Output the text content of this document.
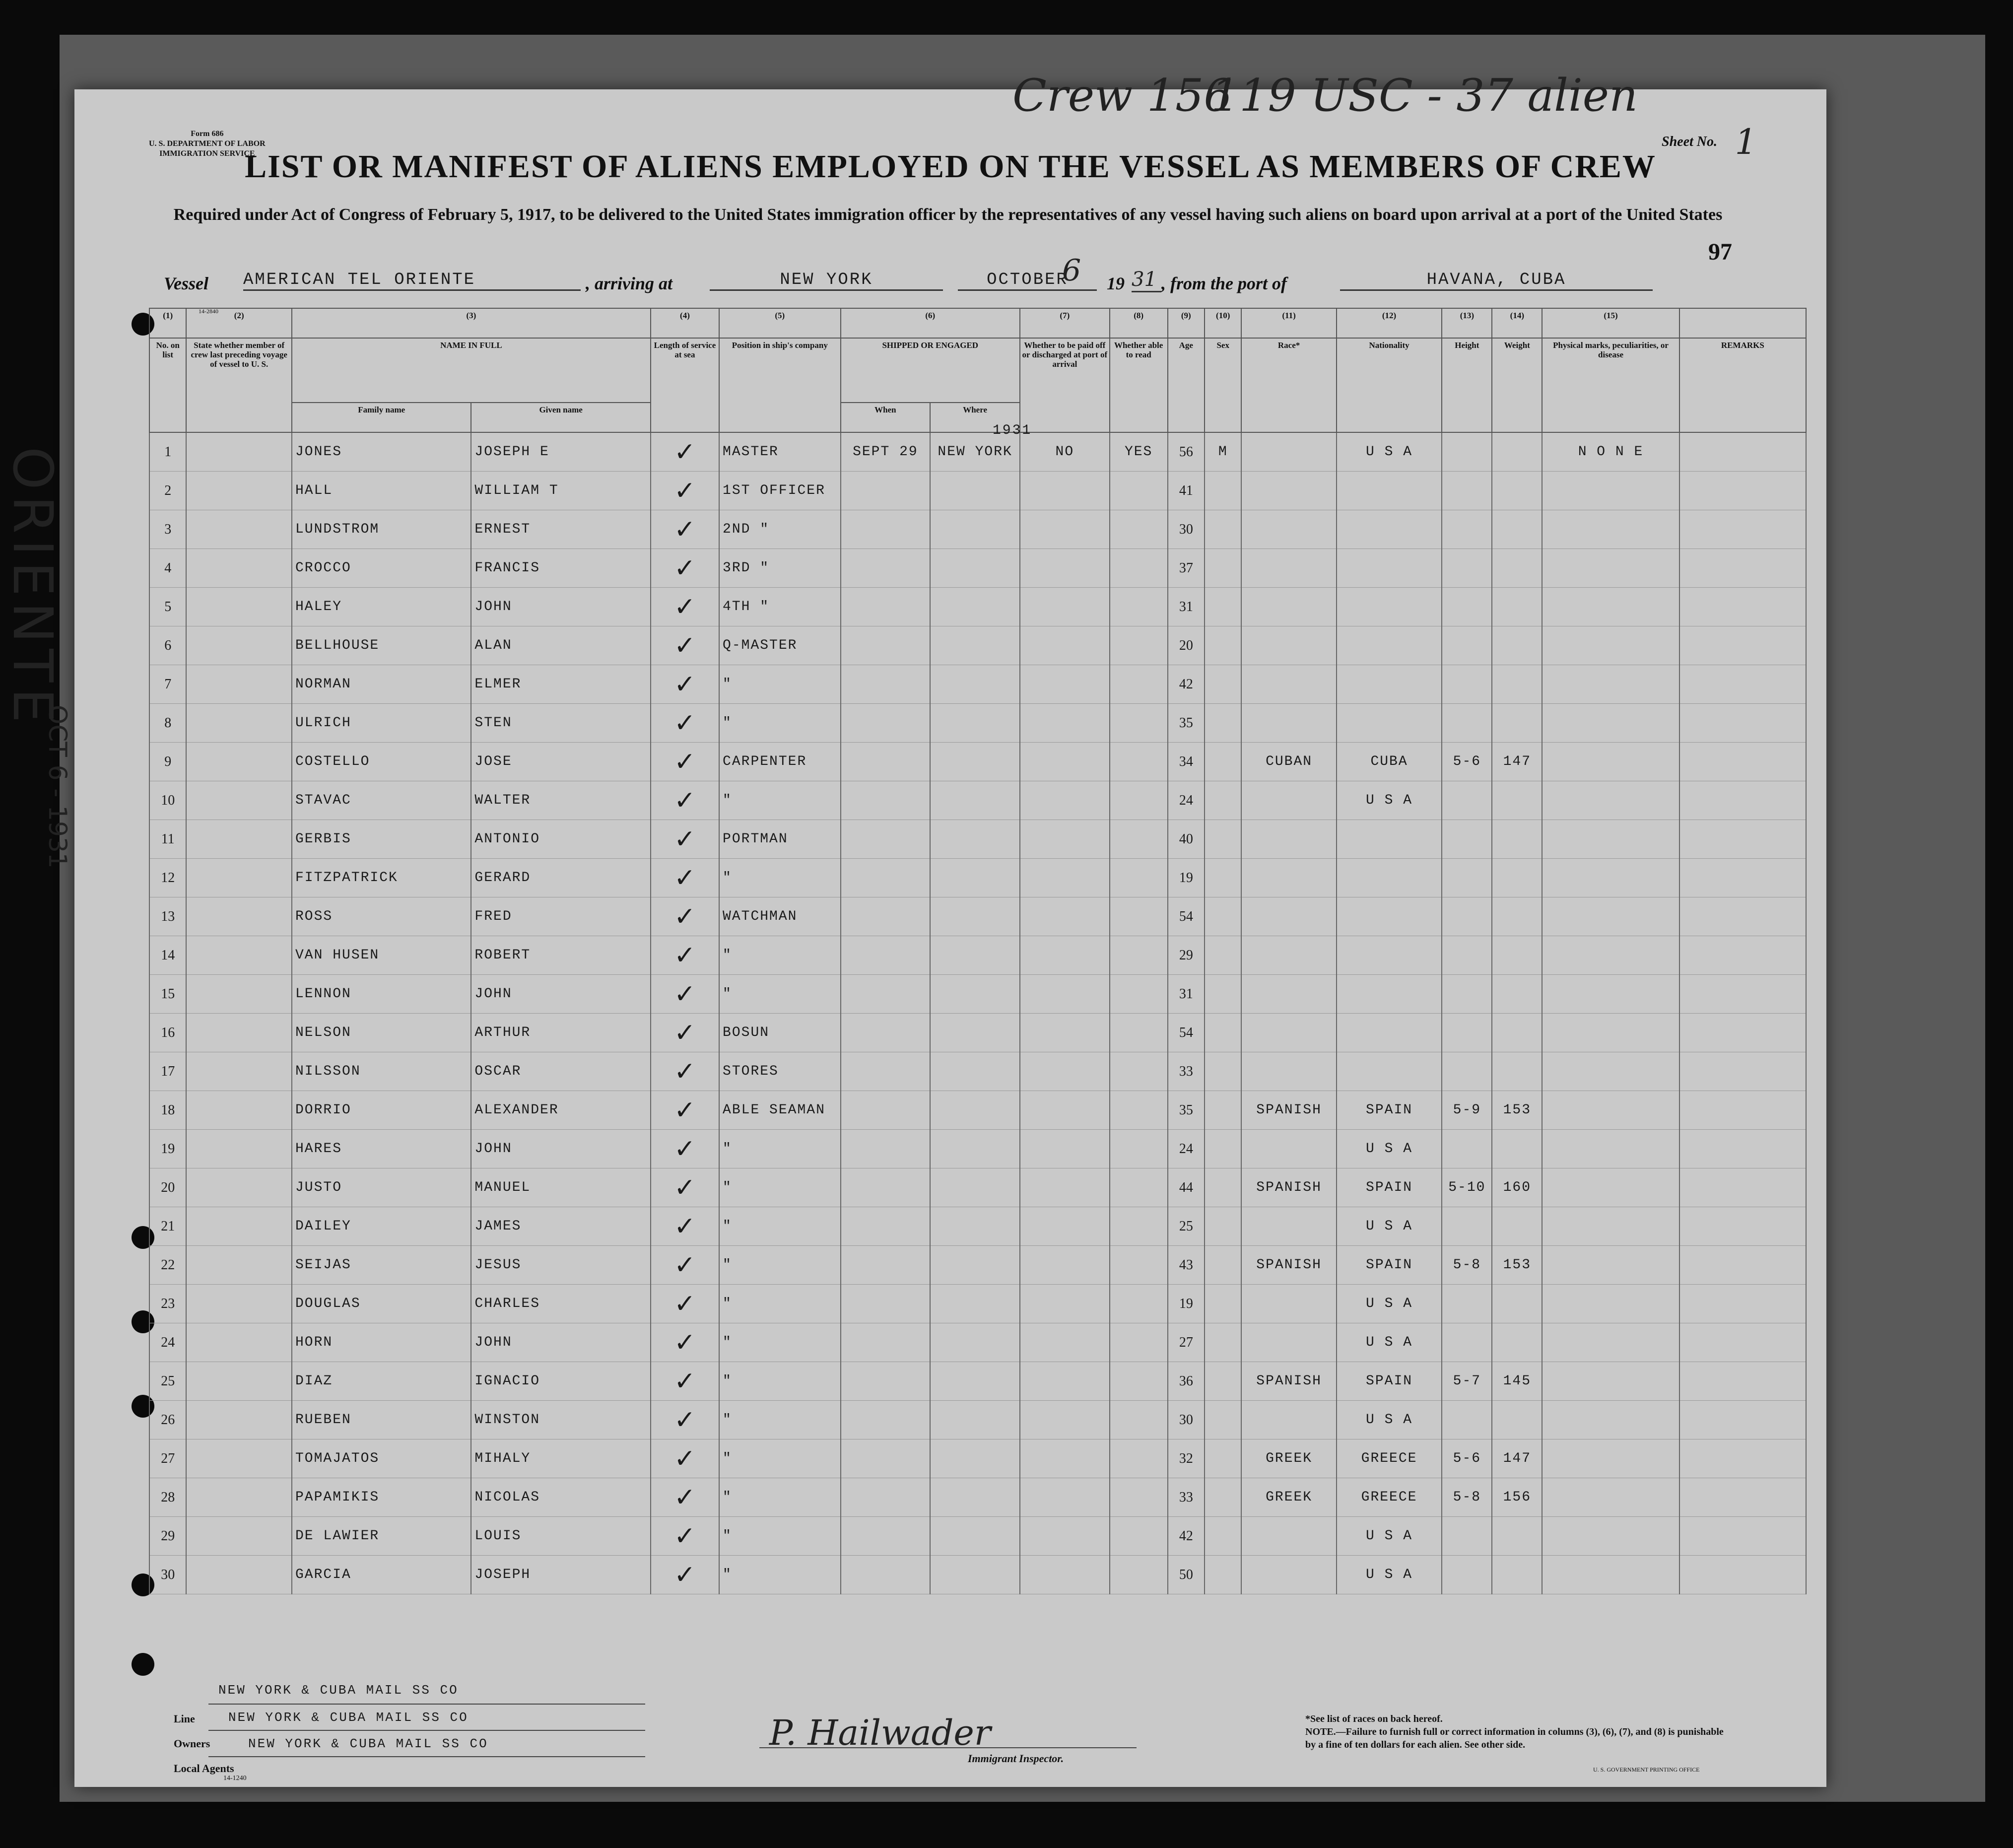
Form 686
U. S. DEPARTMENT OF LABOR
IMMIGRATION SERVICE
Crew 156
119 USC - 37 alien
Sheet No. 1
LIST OR MANIFEST OF ALIENS EMPLOYED ON THE VESSEL AS MEMBERS OF CREW
Required under Act of Congress of February 5, 1917, to be delivered to the United States immigration officer by the representatives of any vessel having such aliens on board upon arrival at a port of the United States
97
Vessel AMERICAN TEL ORIENTE	, arriving at	NEW YORK	OCTOBER
6 19 31 , from the port of	HAVANA, CUBA
14-2840
ORIENTE
OCT 6 - 1931
(1)	(2)	(3)		(4)	(5)	(6)		(7)	(8)	(9)	(10)	(11)	(12)	(13)	(14)	(15)	
No. on list	State whether member of crew last preceding voyage of vessel to U. S.	NAME IN FULL		Length of service at sea	Position in ship's company	SHIPPED OR ENGAGED		Whether to be paid off or discharged at port of arrival	Whether able to read	Age	Sex	Race*	Nationality	Height	Weight	Physical marks, peculiarities, or disease	REMARKS
		Family name	Given name			When	Where										
1		JONES	JOSEPH E	✓	MASTER	SEPT 29	NEW YORK	NO	YES	56	M		U S A			N O N E	
2		HALL	WILLIAM T	✓	1ST OFFICER					41							
3		LUNDSTROM	ERNEST	✓	2ND "					30							
4		CROCCO	FRANCIS	✓	3RD "					37							
5		HALEY	JOHN	✓	4TH "					31							
6		BELLHOUSE	ALAN	✓	Q-MASTER					20							
7		NORMAN	ELMER	✓	"					42							
8		ULRICH	STEN	✓	"					35							
9		COSTELLO	JOSE	✓	CARPENTER					34		CUBAN	CUBA	5-6	147		
10		STAVAC	WALTER	✓	"					24			U S A				
11		GERBIS	ANTONIO	✓	PORTMAN					40							
12		FITZPATRICK	GERARD	✓	"					19							
13		ROSS	FRED	✓	WATCHMAN					54							
14		VAN HUSEN	ROBERT	✓	"					29							
15		LENNON	JOHN	✓	"					31							
16		NELSON	ARTHUR	✓	BOSUN					54							
17		NILSSON	OSCAR	✓	STORES					33							
18		DORRIO	ALEXANDER	✓	ABLE SEAMAN					35		SPANISH	SPAIN	5-9	153		
19		HARES	JOHN	✓	"					24			U S A				
20		JUSTO	MANUEL	✓	"					44		SPANISH	SPAIN	5-10	160		
21		DAILEY	JAMES	✓	"					25			U S A				
22		SEIJAS	JESUS	✓	"					43		SPANISH	SPAIN	5-8	153		
23		DOUGLAS	CHARLES	✓	"					19			U S A				
24		HORN	JOHN	✓	"					27			U S A				
25		DIAZ	IGNACIO	✓	"					36		SPANISH	SPAIN	5-7	145		
26		RUEBEN	WINSTON	✓	"					30			U S A				
27		TOMAJATOS	MIHALY	✓	"					32		GREEK	GREECE	5-6	147		
28		PAPAMIKIS	NICOLAS	✓	"					33		GREEK	GREECE	5-8	156		
29		DE LAWIER	LOUIS	✓	"					42			U S A				
30		GARCIA	JOSEPH	✓	"					50			U S A				
1931
Line
NEW YORK & CUBA MAIL SS CO
Owners
NEW YORK & CUBA MAIL SS CO
Local Agents
NEW YORK & CUBA MAIL SS CO
14-1240
P. Hailwader
Immigrant Inspector.
*See list of races on back hereof.
NOTE.—Failure to furnish full or correct information in columns (3), (6), (7), and (8) is punishable by a fine of ten dollars for each alien. See other side.
U. S. GOVERNMENT PRINTING OFFICE
